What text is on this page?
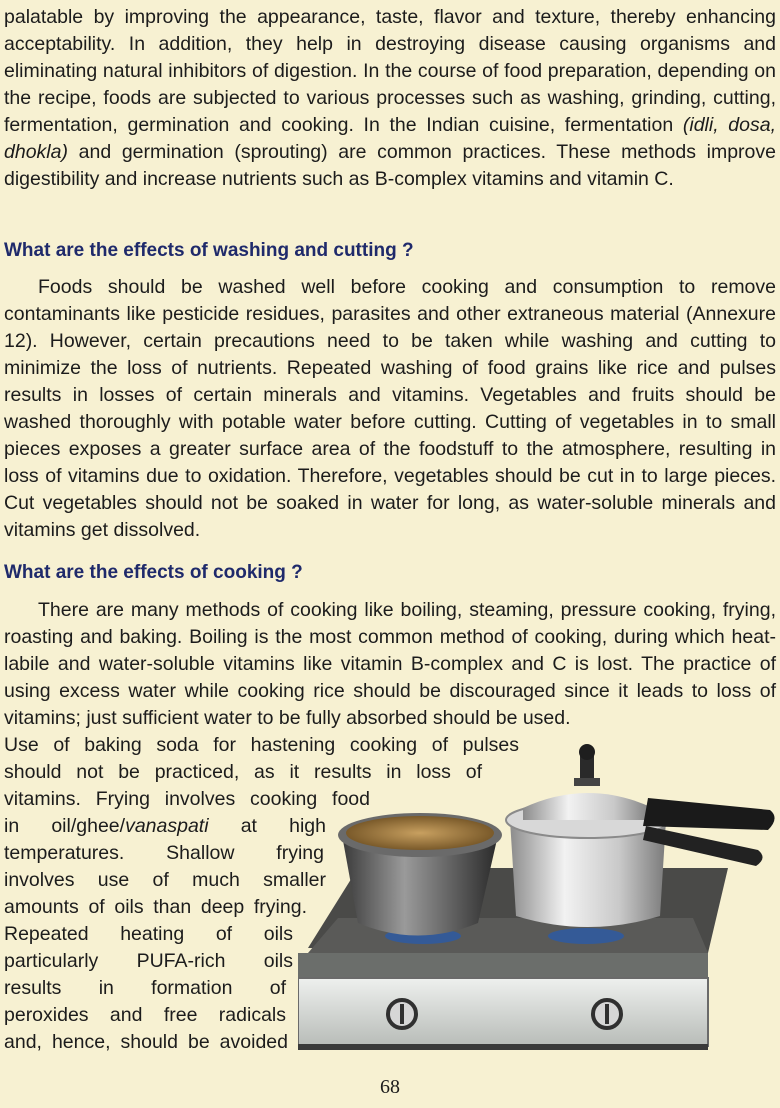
palatable by improving the appearance, taste, flavor and texture, thereby enhancing acceptability. In addition, they help in destroying disease causing organisms and eliminating natural inhibitors of digestion. In the course of food preparation, depending on the recipe, foods are subjected to various processes such as washing, grinding, cutting, fermentation, germination and cooking. In the Indian cuisine, fermentation (idli, dosa, dhokla) and germination (sprouting) are common practices. These methods improve digestibility and increase nutrients such as B-complex vitamins and vitamin C.

What are the effects of washing and cutting ?

Foods should be washed well before cooking and consumption to remove contaminants like pesticide residues, parasites and other extraneous material (Annexure 12). However, certain precautions need to be taken while washing and cutting to minimize the loss of nutrients. Repeated washing of food grains like rice and pulses results in losses of certain minerals and vitamins. Vegetables and fruits should be washed thoroughly with potable water before cutting. Cutting of vegetables in to small pieces exposes a greater surface area of the foodstuff to the atmosphere, resulting in loss of vitamins due to oxidation. Therefore, vegetables should be cut in to large pieces. Cut vegetables should not be soaked in water for long, as water-soluble minerals and vitamins get dissolved.

What are the effects of cooking ?

There are many methods of cooking like boiling, steaming, pressure cooking, frying, roasting and baking. Boiling is the most common method of cooking, during which heat-labile and water-soluble vitamins like vitamin B-complex and C is lost. The practice of using excess water while cooking rice should be discouraged since it leads to loss of vitamins; just sufficient water to be fully absorbed should be used.

Use of baking soda for hastening cooking of pulses
should not be practiced, as it results in loss of
vitamins. Frying involves cooking food
in oil/ghee/vanaspati at high
temperatures. Shallow frying
involves use of much smaller
amounts of oils than deep frying.
Repeated heating of oils
particularly PUFA-rich oils
results in formation of
peroxides and free radicals
and, hence, should be avoided
68
